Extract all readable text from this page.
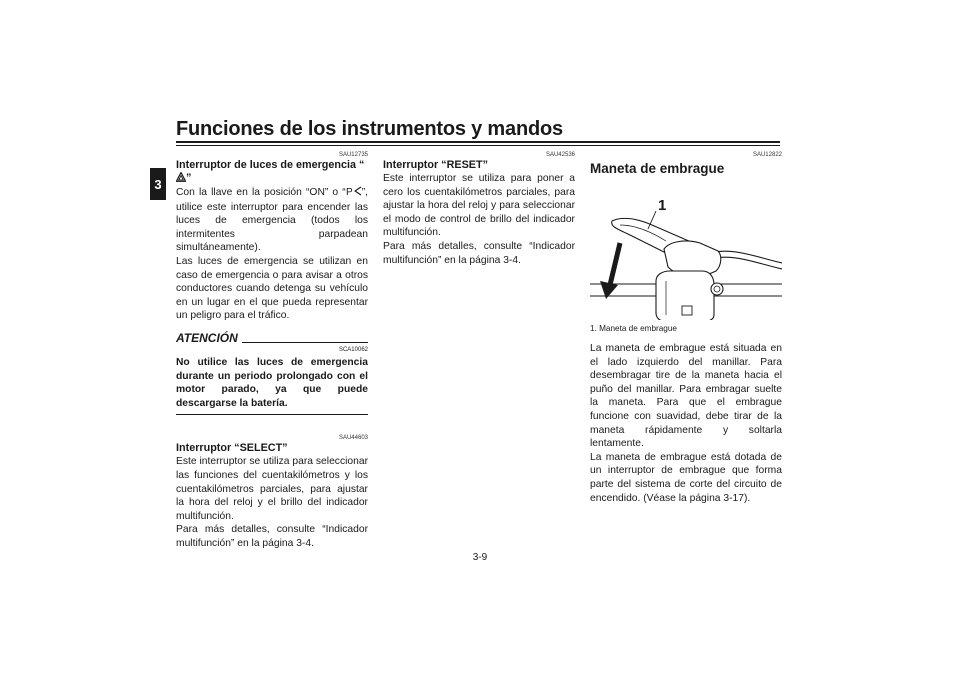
Funciones de los instrumentos y mandos
3
SAU12735
Interruptor de luces de emergencia “”

Con la llave en la posición “ON” o “ P ”, utilice este interruptor para encender las luces de emergencia (todos los intermitentes parpadean simultáneamente).

Las luces de emergencia se utilizan en caso de emergencia o para avisar a otros conductores cuando detenga su vehículo en un lugar en el que pueda representar un peligro para el tráfico.

ATENCIÓN
SCA10062
No utilice las luces de emergencia durante un periodo prolongado con el motor parado, ya que puede descargarse la batería.
SAU44603
Interruptor “SELECT”

Este interruptor se utiliza para seleccionar las funciones del cuentakilómetros y los cuentakilómetros parciales, para ajustar la hora del reloj y el brillo del indicador multifunción.

Para más detalles, consulte “Indicador multifunción” en la página 3-4.

SAU42536
Interruptor “RESET”

Este interruptor se utiliza para poner a cero los cuentakilómetros parciales, para ajustar la hora del reloj y para seleccionar el modo de control de brillo del indicador multifunción.

Para más detalles, consulte “Indicador multifunción” en la página 3-4.

SAU12822
Maneta de embrague
1
1. Maneta de embrague

La maneta de embrague está situada en el lado izquierdo del manillar. Para desembragar tire de la maneta hacia el puño del manillar. Para embragar suelte la maneta. Para que el embrague funcione con suavidad, debe tirar de la maneta rápidamente y soltarla lentamente.

La maneta de embrague está dotada de un interruptor de embrague que forma parte del sistema de corte del circuito de encendido. (Véase la página 3-17).

3-9
